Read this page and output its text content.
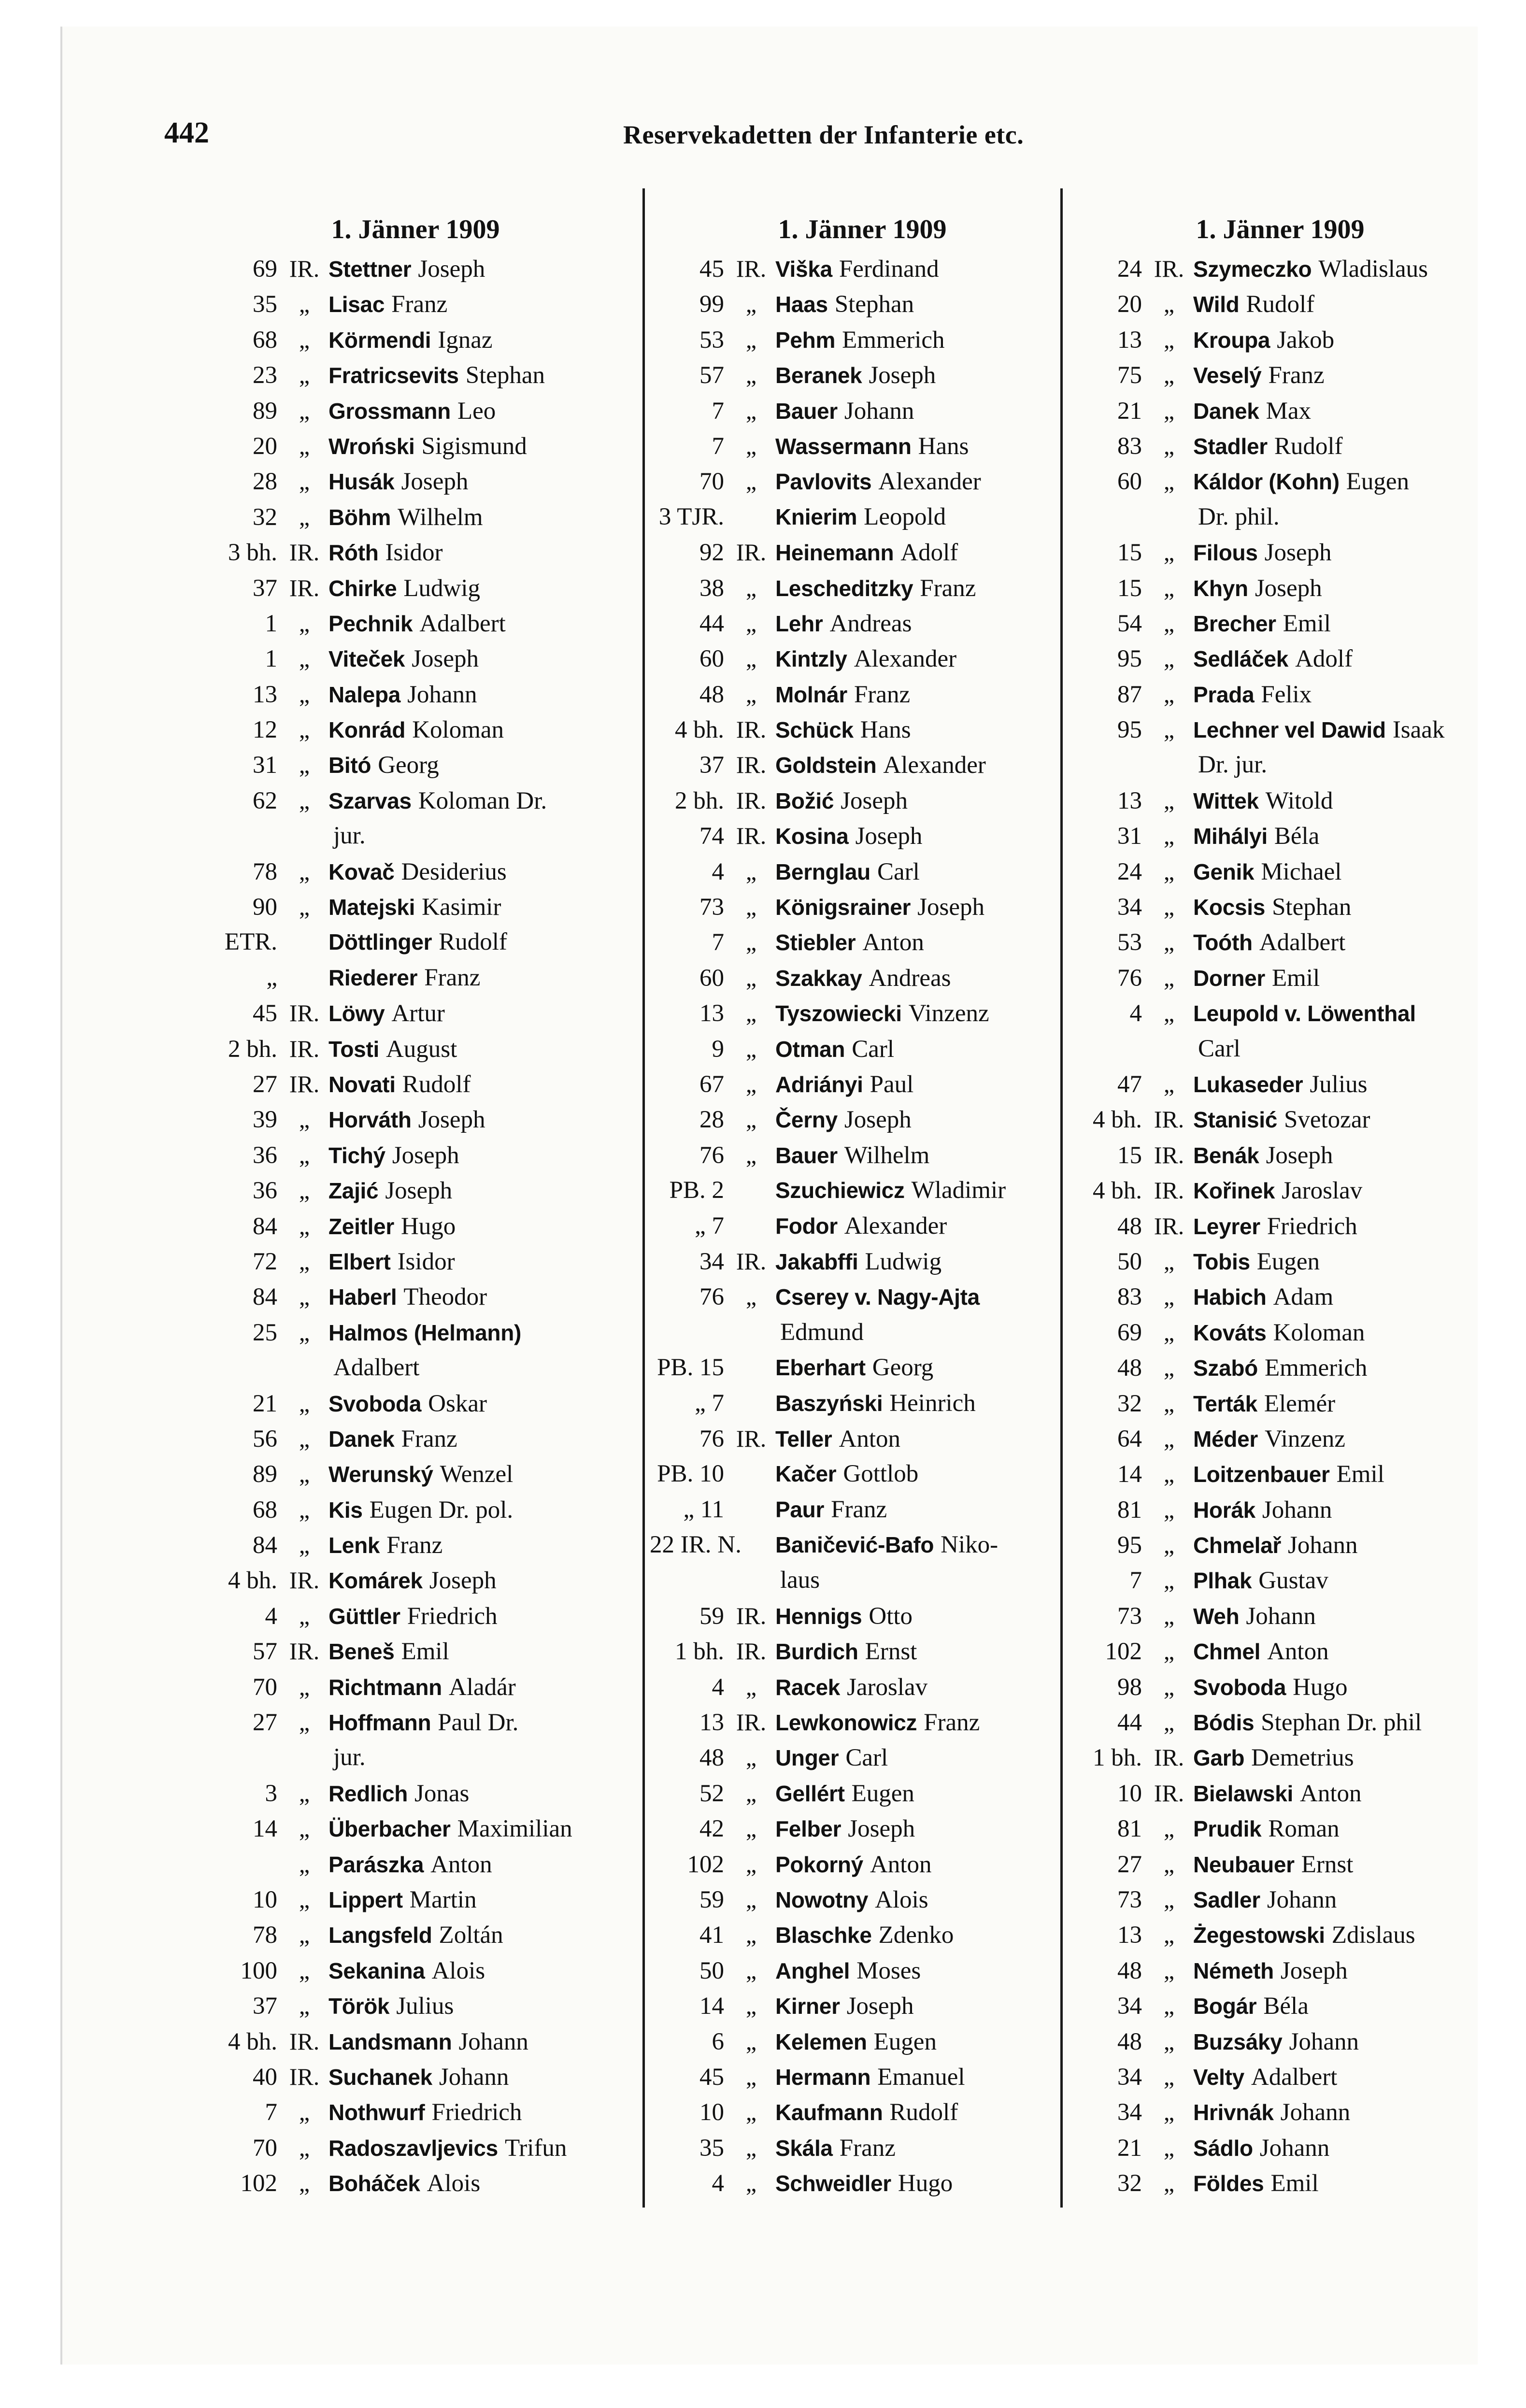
442	Reservekadetten der Infanterie etc.
1. Jänner 1909
69 IR. Stettner Joseph
35 „ Lisac Franz
68 „ Körmendi Ignaz
23 „ Fratricsevits Stephan
89 „ Grossmann Leo
20 „ Wroński Sigismund
28 „ Husák Joseph
32 „ Böhm Wilhelm
3 bh. IR. Róth Isidor
37 IR. Chirke Ludwig
1 „ Pechnik Adalbert
1 „ Viteček Joseph
13 „ Nalepa Johann
12 „ Konrád Koloman
31 „ Bitó Georg
62 „ Szarvas Koloman Dr.
jur.
78 „ Kovač Desiderius
90 „ Matejski Kasimir
ETR. Döttlinger Rudolf
„ Riederer Franz
45 IR. Löwy Artur
2 bh. IR. Tosti August
27 IR. Novati Rudolf
39 „ Horváth Joseph
36 „ Tichý Joseph
36 „ Zajić Joseph
84 „ Zeitler Hugo
72 „ Elbert Isidor
84 „ Haberl Theodor
25 „ Halmos (Helmann)
Adalbert
21 „ Svoboda Oskar
56 „ Danek Franz
89 „ Werunský Wenzel
68 „ Kis Eugen Dr. pol.
84 „ Lenk Franz
4 bh. IR. Komárek Joseph
4 „ Güttler Friedrich
57 IR. Beneš Emil
70 „ Richtmann Aladár
27 „ Hoffmann Paul Dr.
jur.
3 „ Redlich Jonas
14 „ Überbacher Maximilian
„ Parászka Anton
10 „ Lippert Martin
78 „ Langsfeld Zoltán
100 „ Sekanina Alois
37 „ Török Julius
4 bh. IR. Landsmann Johann
40 IR. Suchanek Johann
7 „ Nothwurf Friedrich
70 „ Radoszavljevics Trifun
102 „ Boháček Alois
1. Jänner 1909
45 IR. Viška Ferdinand
99 „ Haas Stephan
53 „ Pehm Emmerich
57 „ Beranek Joseph
7 „ Bauer Johann
7 „ Wassermann Hans
70 „ Pavlovits Alexander
3 TJR. Knierim Leopold
92 IR. Heinemann Adolf
38 „ Lescheditzky Franz
44 „ Lehr Andreas
60 „ Kintzly Alexander
48 „ Molnár Franz
4 bh. IR. Schück Hans
37 IR. Goldstein Alexander
2 bh. IR. Božić Joseph
74 IR. Kosina Joseph
4 „ Bernglau Carl
73 „ Königsrainer Joseph
7 „ Stiebler Anton
60 „ Szakkay Andreas
13 „ Tyszowiecki Vinzenz
9 „ Otman Carl
67 „ Adriányi Paul
28 „ Černy Joseph
76 „ Bauer Wilhelm
PB. 2 Szuchiewicz Wladimir
„ 7 Fodor Alexander
34 IR. Jakabffi Ludwig
76 „ Cserey v. Nagy-Ajta
Edmund
PB. 15 Eberhart Georg
„ 7 Baszyński Heinrich
76 IR. Teller Anton
PB. 10 Kačer Gottlob
„ 11 Paur Franz
22 IR. N. Baničević-Bafo Niko-
laus
59 IR. Hennigs Otto
1 bh. IR. Burdich Ernst
4 „ Racek Jaroslav
13 IR. Lewkonowicz Franz
48 „ Unger Carl
52 „ Gellért Eugen
42 „ Felber Joseph
102 „ Pokorný Anton
59 „ Nowotny Alois
41 „ Blaschke Zdenko
50 „ Anghel Moses
14 „ Kirner Joseph
6 „ Kelemen Eugen
45 „ Hermann Emanuel
10 „ Kaufmann Rudolf
35 „ Skála Franz
4 „ Schweidler Hugo
1. Jänner 1909
24 IR. Szymeczko Wladislaus
20 „ Wild Rudolf
13 „ Kroupa Jakob
75 „ Veselý Franz
21 „ Danek Max
83 „ Stadler Rudolf
60 „ Káldor (Kohn) Eugen
Dr. phil.
15 „ Filous Joseph
15 „ Khyn Joseph
54 „ Brecher Emil
95 „ Sedláček Adolf
87 „ Prada Felix
95 „ Lechner vel Dawid Isaak
Dr. jur.
13 „ Wittek Witold
31 „ Mihályi Béla
24 „ Genik Michael
34 „ Kocsis Stephan
53 „ Toóth Adalbert
76 „ Dorner Emil
4 „ Leupold v. Löwenthal
Carl
47 „ Lukaseder Julius
4 bh. IR. Stanisić Svetozar
15 IR. Benák Joseph
4 bh. IR. Kořinek Jaroslav
48 IR. Leyrer Friedrich
50 „ Tobis Eugen
83 „ Habich Adam
69 „ Kováts Koloman
48 „ Szabó Emmerich
32 „ Terták Elemér
64 „ Méder Vinzenz
14 „ Loitzenbauer Emil
81 „ Horák Johann
95 „ Chmelař Johann
7 „ Plhak Gustav
73 „ Weh Johann
102 „ Chmel Anton
98 „ Svoboda Hugo
44 „ Bódis Stephan Dr. phil
1 bh. IR. Garb Demetrius
10 IR. Bielawski Anton
81 „ Prudik Roman
27 „ Neubauer Ernst
73 „ Sadler Johann
13 „ Żegestowski Zdislaus
48 „ Németh Joseph
34 „ Bogár Béla
48 „ Buzsáky Johann
34 „ Velty Adalbert
34 „ Hrivnák Johann
21 „ Sádlo Johann
32 „ Földes Emil
